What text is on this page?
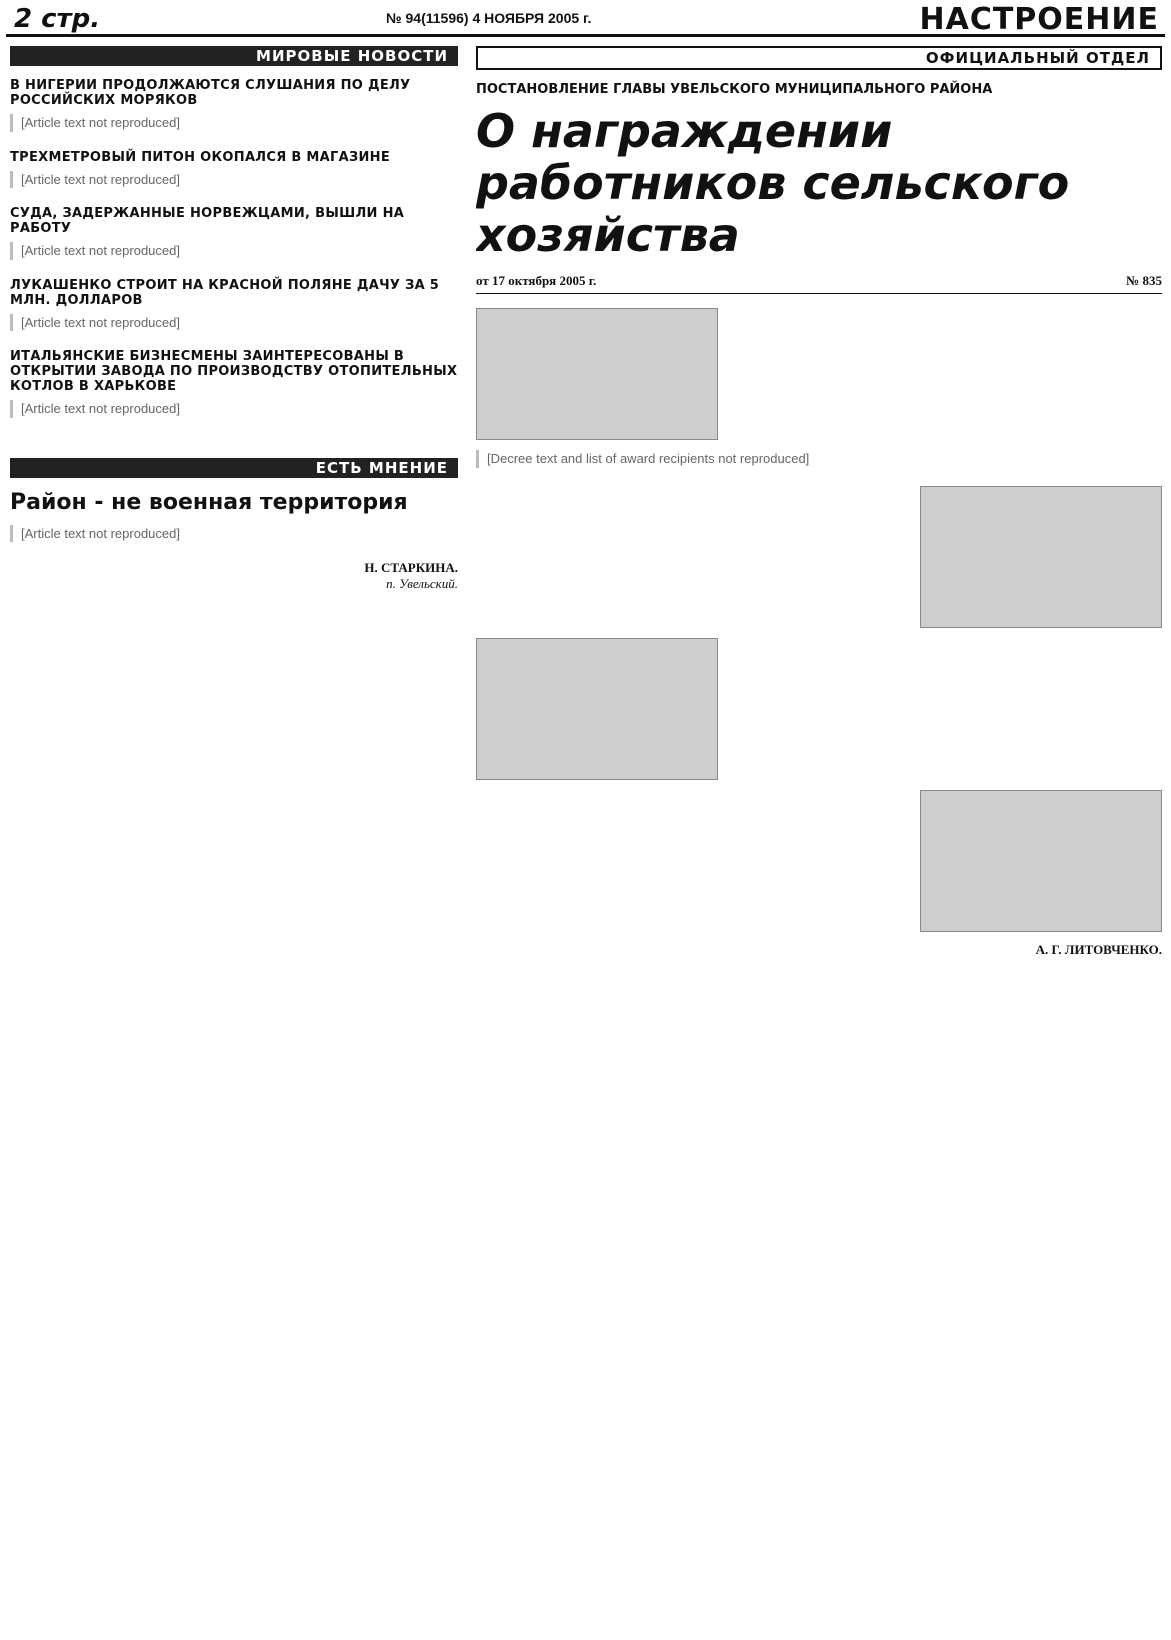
2 стр.	№ 94(11596) 4 НОЯБРЯ 2005 г.	НАСТРОЕНИЕ
МИРОВЫЕ НОВОСТИ
В НИГЕРИИ ПРОДОЛЖАЮТСЯ СЛУШАНИЯ ПО ДЕЛУ РОССИЙСКИХ МОРЯКОВ

[Article text not reproduced]

ТРЕХМЕТРОВЫЙ ПИТОН ОКОПАЛСЯ В МАГАЗИНЕ

[Article text not reproduced]

СУДА, ЗАДЕРЖАННЫЕ НОРВЕЖЦАМИ, ВЫШЛИ НА РАБОТУ

[Article text not reproduced]

ЛУКАШЕНКО СТРОИТ НА КРАСНОЙ ПОЛЯНЕ ДАЧУ ЗА 5 МЛН. ДОЛЛАРОВ

[Article text not reproduced]

ИТАЛЬЯНСКИЕ БИЗНЕСМЕНЫ ЗАИНТЕРЕСОВАНЫ В ОТКРЫТИИ ЗАВОДА ПО ПРОИЗВОДСТВУ ОТОПИТЕЛЬНЫХ КОТЛОВ В ХАРЬКОВЕ

[Article text not reproduced]

ЕСТЬ МНЕНИЕ
Район - не военная территория

[Article text not reproduced]

Н. СТАРКИНА.

п. Увельский.

ОФИЦИАЛЬНЫЙ ОТДЕЛ

ПОСТАНОВЛЕНИЕ ГЛАВЫ УВЕЛЬСКОГО МУНИЦИПАЛЬНОГО РАЙОНА

О награждении работников сельского хозяйства
от 17 октября 2005 г.	№ 835

[Decree text and list of award recipients not reproduced]

А. Г. ЛИТОВЧЕНКО.
